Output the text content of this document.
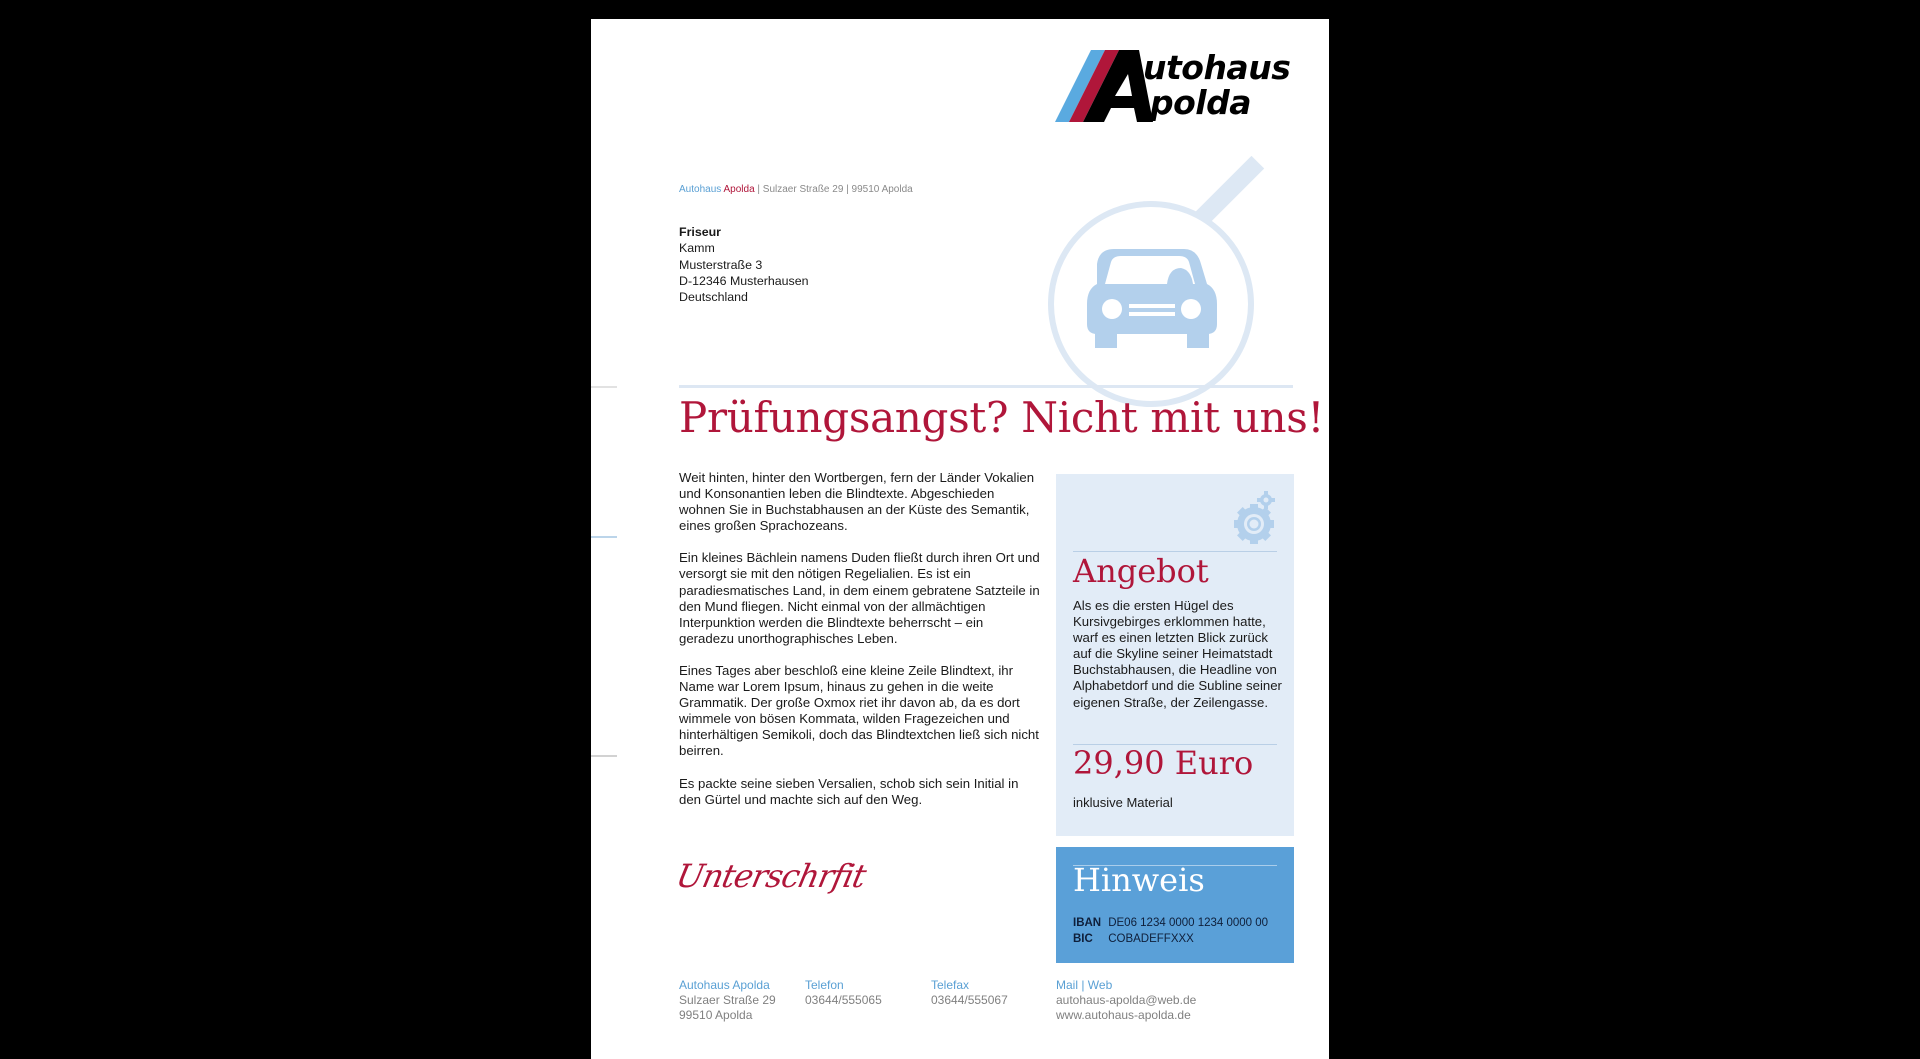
utohaus
polda
Autohaus Apolda | Sulzaer Straße 29 | 99510 Apolda
Friseur
Kamm
Musterstraße 3
D-12346 Musterhausen
Deutschland
Prüfungsangst? Nicht mit uns!

Weit hinten, hinter den Wortbergen, fern der Länder Vokalien und Konsonantien leben die Blindtexte. Abgeschieden wohnen Sie in Buchstabhausen an der Küste des Semantik, eines großen Sprachozeans.

Ein kleines Bächlein namens Duden fließt durch ihren Ort und versorgt sie mit den nötigen Regelialien. Es ist ein paradiesmatisches Land, in dem einem gebratene Satzteile in den Mund fliegen. Nicht einmal von der allmächtigen Interpunktion werden die Blindtexte beherrscht – ein geradezu unorthographisches Leben.

Eines Tages aber beschloß eine kleine Zeile Blindtext, ihr Name war Lorem Ipsum, hinaus zu gehen in die weite Grammatik. Der große Oxmox riet ihr davon ab, da es dort wimmele von bösen Kommata, wilden Fragezeichen und hinterhältigen Semikoli, doch das Blindtextchen ließ sich nicht beirren.

Es packte seine sieben Versalien, schob sich sein Initial in den Gürtel und machte sich auf den Weg.

Angebot
Als es die ersten Hügel des Kursivgebirges erklommen hatte, warf es einen letzten Blick zurück auf die Skyline seiner Heimatstadt Buchstabhausen, die Headline von Alphabetdorf und die Subline seiner eigenen Straße, der Zeilengasse.
29,90 Euro
inklusive Material
Hinweis
IBAN DE06 1234 0000 1234 0000 00
BIC COBADEFFXXX
Unterschrfit
Autohaus Apolda
Sulzaer Straße 29
99510 Apolda
Telefon
03644/555065
Telefax
03644/555067
Mail | Web
autohaus-apolda@web.de
www.autohaus-apolda.de
